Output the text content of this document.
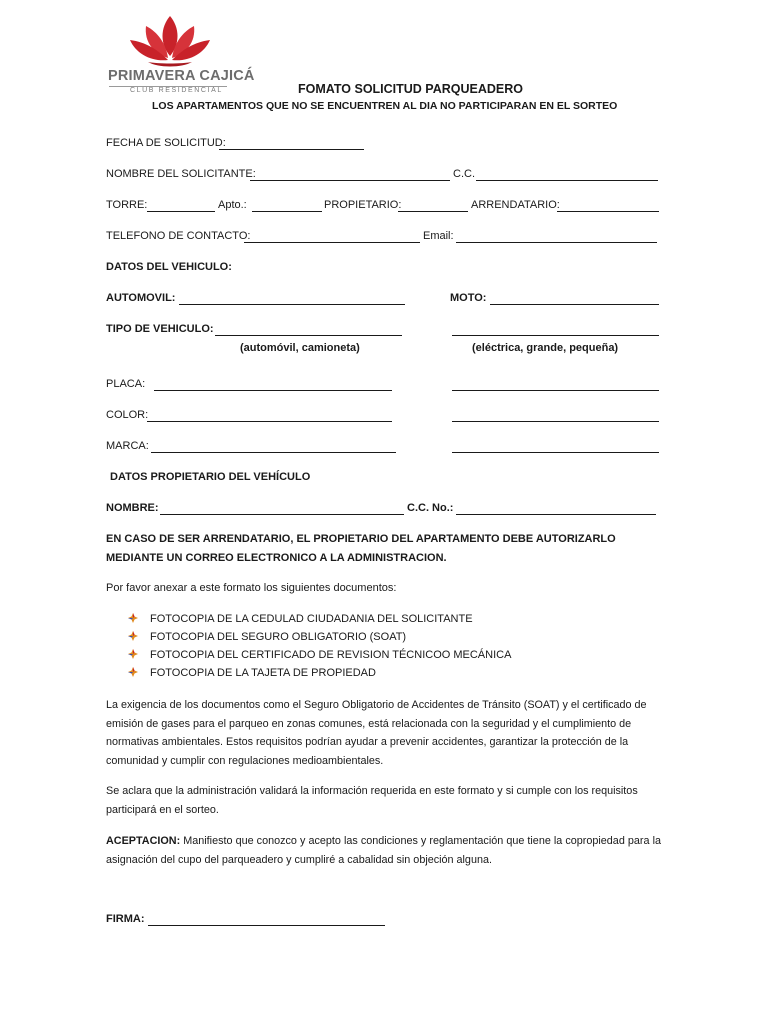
PRIMAVERA CAJICÁ
CLUB RESIDENCIAL	FOMATO SOLICITUD PARQUEADERO
LOS APARTAMENTOS QUE NO SE ENCUENTREN AL DIA NO PARTICIPARAN EN EL SORTEO
FECHA DE SOLICITUD:
NOMBRE DEL SOLICITANTE:	C.C.
TORRE:	Apto.:	PROPIETARIO:	ARRENDATARIO:
TELEFONO DE CONTACTO:	Email:
DATOS DEL VEHICULO:
AUTOMOVIL:	MOTO:
TIPO DE VEHICULO:
(automóvil, camioneta)	(eléctrica, grande, pequeña)
PLACA:
COLOR:
MARCA:
DATOS PROPIETARIO DEL VEHÍCULO
NOMBRE:	C.C. No.:
EN CASO DE SER ARRENDATARIO, EL PROPIETARIO DEL APARTAMENTO DEBE AUTORIZARLO MEDIANTE UN CORREO ELECTRONICO A LA ADMINISTRACION.
Por favor anexar a este formato los siguientes documentos:
FOTOCOPIA DE LA CEDULAD CIUDADANIA DEL SOLICITANTE
FOTOCOPIA DEL SEGURO OBLIGATORIO (SOAT)
FOTOCOPIA DEL CERTIFICADO DE REVISION TÉCNICOO MECÁNICA
FOTOCOPIA DE LA TAJETA DE PROPIEDAD
La exigencia de los documentos como el Seguro Obligatorio de Accidentes de Tránsito (SOAT) y el certificado de emisión de gases para el parqueo en zonas comunes, está relacionada con la seguridad y el cumplimiento de normativas ambientales. Estos requisitos podrían ayudar a prevenir accidentes, garantizar la protección de la comunidad y cumplir con regulaciones medioambientales.
Se aclara que la administración validará la información requerida en este formato y si cumple con los requisitos participará en el sorteo.
ACEPTACION: Manifiesto que conozco y acepto las condiciones y reglamentación que tiene la copropiedad para la asignación del cupo del parqueadero y cumpliré a cabalidad sin objeción alguna.
FIRMA:
